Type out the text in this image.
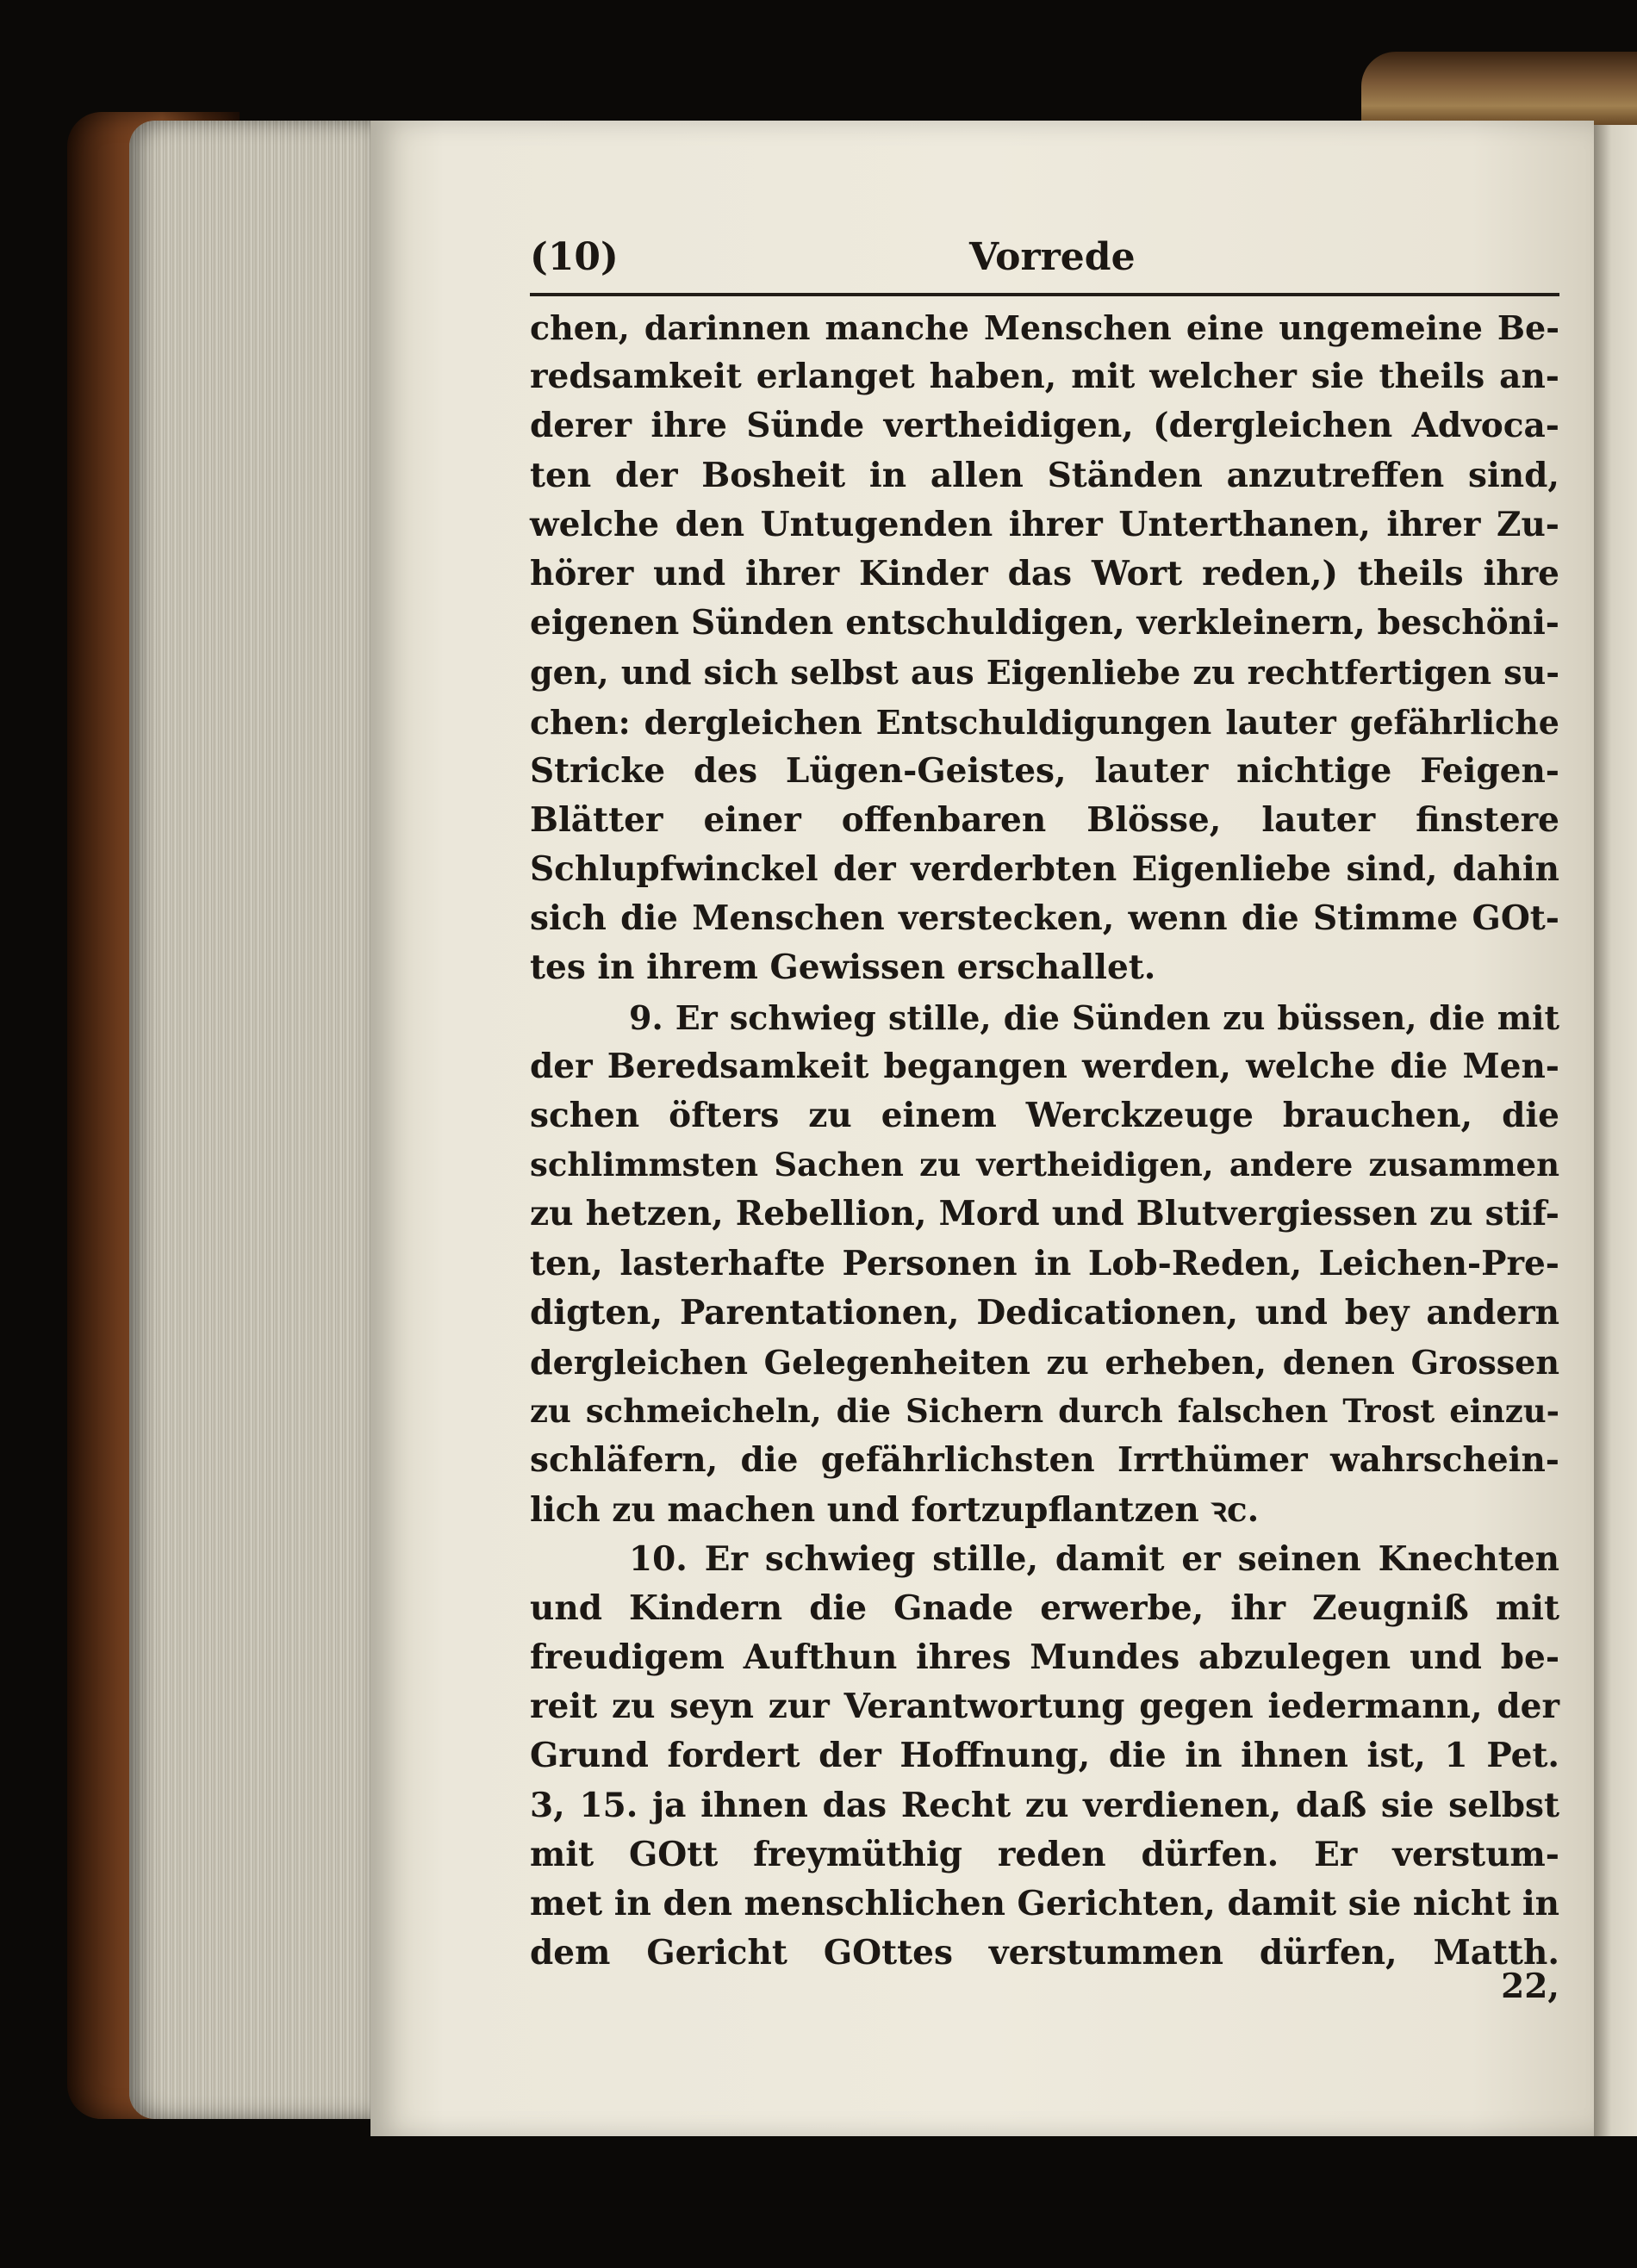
(10)	Vorrede
chen, darinnen manche Menschen eine ungemeine Be-
redsamkeit erlanget haben, mit welcher sie theils an-
derer ihre Sünde vertheidigen, (dergleichen Advoca-
ten der Bosheit in allen Ständen anzutreffen sind,
welche den Untugenden ihrer Unterthanen, ihrer Zu-
hörer und ihrer Kinder das Wort reden,) theils ihre
eigenen Sünden entschuldigen, verkleinern, beschöni-
gen, und sich selbst aus Eigenliebe zu rechtfertigen su-
chen: dergleichen Entschuldigungen lauter gefährliche
Stricke des Lügen-Geistes, lauter nichtige Feigen-
Blätter einer offenbaren Blösse, lauter finstere
Schlupfwinckel der verderbten Eigenliebe sind, dahin
sich die Menschen verstecken, wenn die Stimme GOt-
tes in ihrem Gewissen erschallet.
9. Er schwieg stille, die Sünden zu büssen, die mit
der Beredsamkeit begangen werden, welche die Men-
schen öfters zu einem Werckzeuge brauchen, die
schlimmsten Sachen zu vertheidigen, andere zusammen
zu hetzen, Rebellion, Mord und Blutvergiessen zu stif-
ten, lasterhafte Personen in Lob-Reden, Leichen-Pre-
digten, Parentationen, Dedicationen, und bey andern
dergleichen Gelegenheiten zu erheben, denen Grossen
zu schmeicheln, die Sichern durch falschen Trost einzu-
schläfern, die gefährlichsten Irrthümer wahrschein-
lich zu machen und fortzupflantzen ꝛc.
10. Er schwieg stille, damit er seinen Knechten
und Kindern die Gnade erwerbe, ihr Zeugniß mit
freudigem Aufthun ihres Mundes abzulegen und be-
reit zu seyn zur Verantwortung gegen iedermann, der
Grund fordert der Hoffnung, die in ihnen ist, 1 Pet.
3, 15. ja ihnen das Recht zu verdienen, daß sie selbst
mit GOtt freymüthig reden dürfen. Er verstum-
met in den menschlichen Gerichten, damit sie nicht in
dem Gericht GOttes verstummen dürfen, Matth.
22,
